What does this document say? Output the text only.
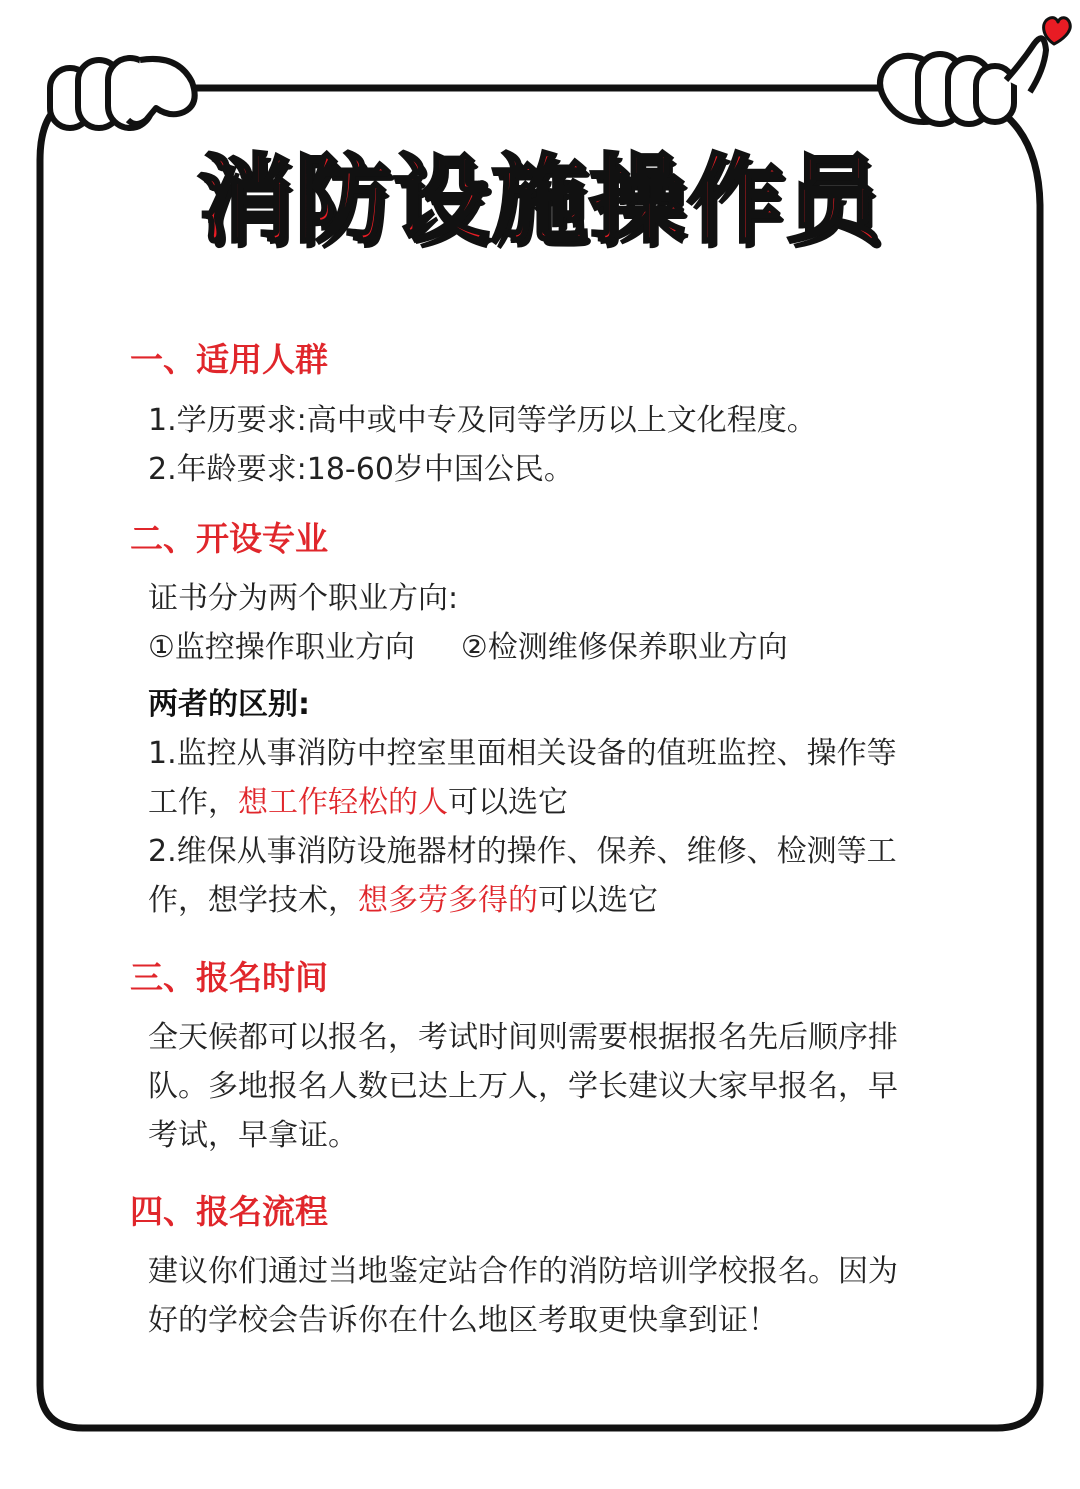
消防设施操作员
一、适用人群
1.学历要求:高中或中专及同等学历以上文化程度。
2.年龄要求:18-60岁中国公民。
二、开设专业
证书分为两个职业方向:
①监控操作职业方向 ②检测维修保养职业方向
两者的区别:
1.监控从事消防中控室里面相关设备的值班监控、操作等
工作，想工作轻松的人可以选它
2.维保从事消防设施器材的操作、保养、维修、检测等工
作，想学技术，想多劳多得的可以选它
三、报名时间
全天候都可以报名，考试时间则需要根据报名先后顺序排
队。多地报名人数已达上万人，学长建议大家早报名，早
考试，早拿证。
四、报名流程
建议你们通过当地鉴定站合作的消防培训学校报名。因为
好的学校会告诉你在什么地区考取更快拿到证！
